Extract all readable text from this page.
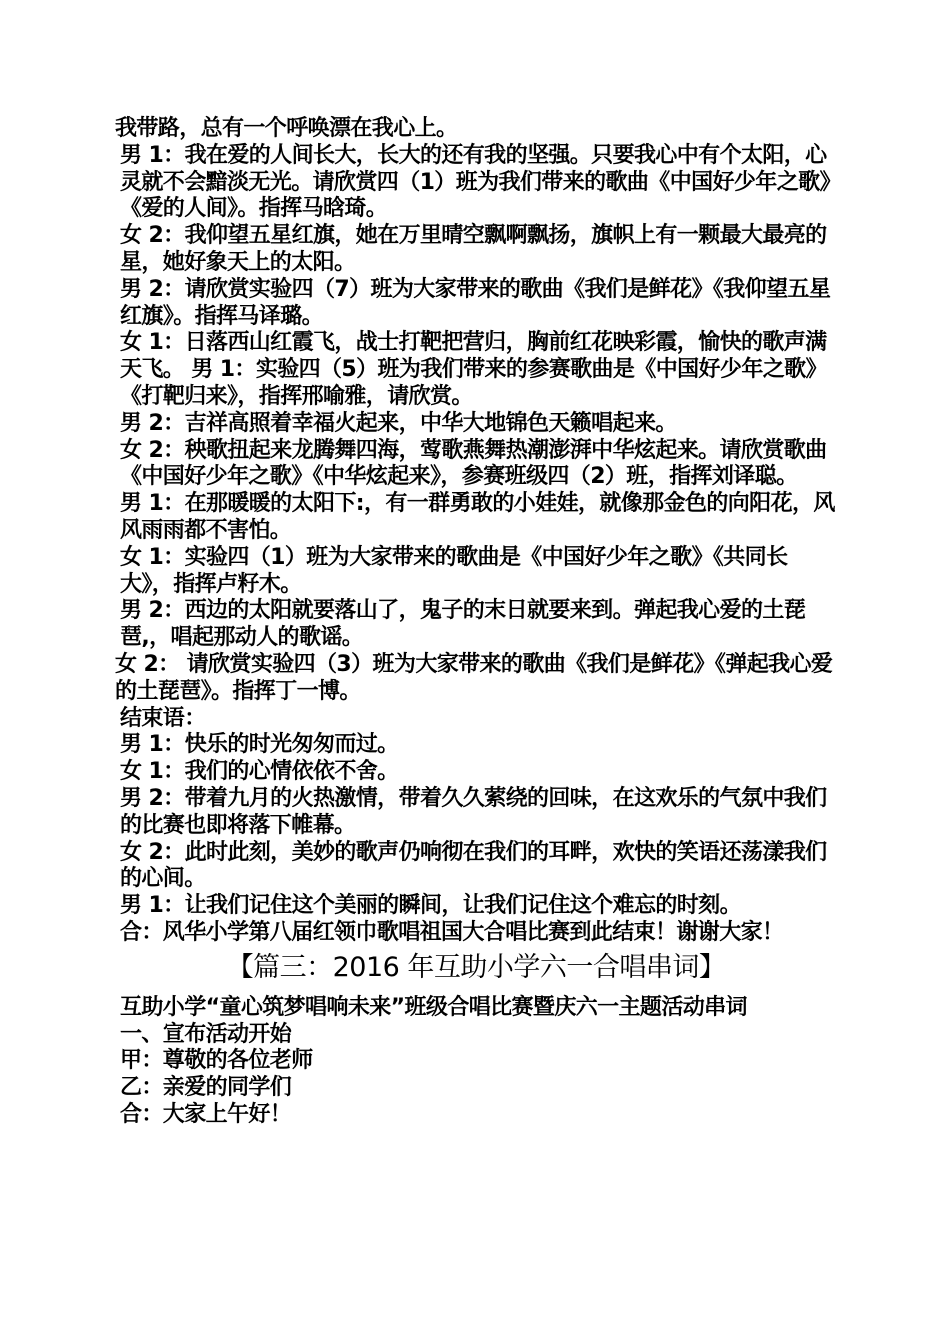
我带路，总有一个呼唤漂在我心上。

男 1：我在爱的人间长大，长大的还有我的坚强。只要我心中有个太阳，心灵就不会黯淡无光。请欣赏四（1）班为我们带来的歌曲《中国好少年之歌》《爱的人间》。指挥马晗琦。

女 2：我仰望五星红旗，她在万里晴空飘啊飘扬，旗帜上有一颗最大最亮的星，她好象天上的太阳。

男 2：请欣赏实验四（7）班为大家带来的歌曲《我们是鲜花》《我仰望五星红旗》。指挥马译璐。

女 1：日落西山红霞飞，战士打靶把营归，胸前红花映彩霞，愉快的歌声满天飞。 男 1：实验四（5）班为我们带来的参赛歌曲是《中国好少年之歌》《打靶归来》，指挥邢喻雅，请欣赏。

男 2：吉祥高照着幸福火起来，中华大地锦色天籁唱起来。

女 2：秧歌扭起来龙腾舞四海，莺歌燕舞热潮澎湃中华炫起来。请欣赏歌曲《中国好少年之歌》《中华炫起来》，参赛班级四（2）班，指挥刘译聪。

男 1：在那暖暖的太阳下:，有一群勇敢的小娃娃，就像那金色的向阳花，风风雨雨都不害怕。

女 1：实验四（1）班为大家带来的歌曲是《中国好少年之歌》《共同长大》，指挥卢籽木。

男 2：西边的太阳就要落山了，鬼子的末日就要来到。弹起我心爱的土琵琶,，唱起那动人的歌谣。

女 2： 请欣赏实验四（3）班为大家带来的歌曲《我们是鲜花》《弹起我心爱的土琵琶》。指挥丁一博。

结束语：

男 1：快乐的时光匆匆而过。

女 1：我们的心情依依不舍。

男 2：带着九月的火热激情，带着久久萦绕的回味，在这欢乐的气氛中我们的比赛也即将落下帷幕。

女 2：此时此刻，美妙的歌声仍响彻在我们的耳畔，欢快的笑语还荡漾我们的心间。

男 1：让我们记住这个美丽的瞬间，让我们记住这个难忘的时刻。

合：风华小学第八届红领巾歌唱祖国大合唱比赛到此结束！谢谢大家！

【篇三：2016 年互助小学六一合唱串词】

互助小学“童心筑梦唱响未来”班级合唱比赛暨庆六一主题活动串词

一、宣布活动开始

甲：尊敬的各位老师

乙：亲爱的同学们

合：大家上午好！
